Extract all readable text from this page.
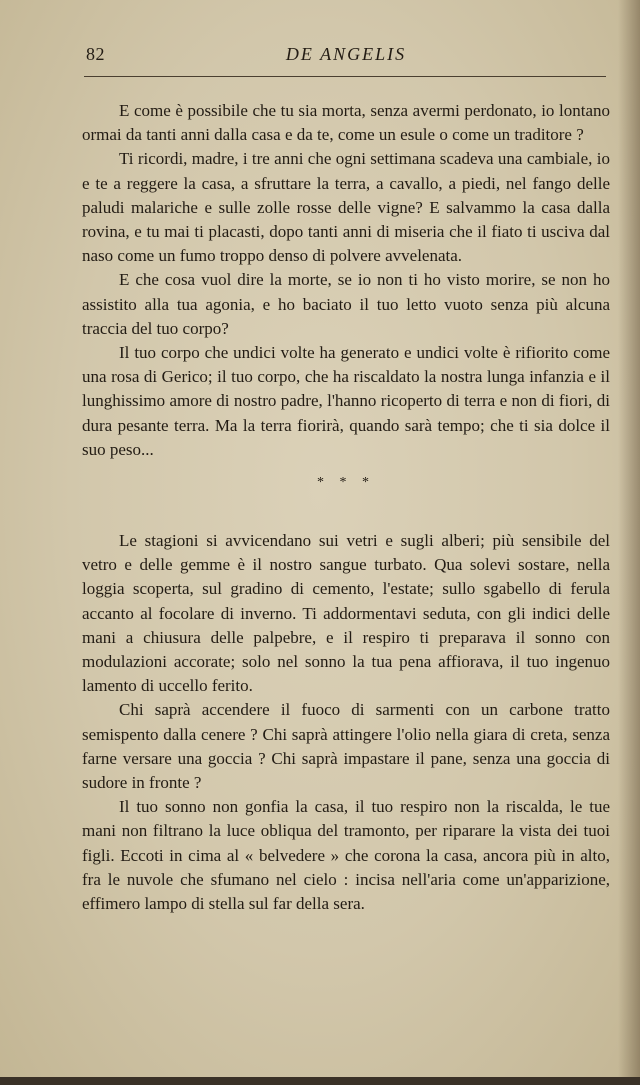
82	DE ANGELIS

E come è possibile che tu sia morta, senza avermi perdonato, io lontano ormai da tanti anni dalla casa e da te, come un esule o come un traditore ?

Ti ricordi, madre, i tre anni che ogni settimana scadeva una cambiale, io e te a reggere la casa, a sfruttare la terra, a cavallo, a piedi, nel fango delle paludi malariche e sulle zolle rosse delle vigne? E salvammo la casa dalla rovina, e tu mai ti placasti, dopo tanti anni di miseria che il fiato ti usciva dal naso come un fumo troppo denso di polvere avvelenata.

E che cosa vuol dire la morte, se io non ti ho visto morire, se non ho assistito alla tua agonia, e ho baciato il tuo letto vuoto senza più alcuna traccia del tuo corpo?

Il tuo corpo che undici volte ha generato e undici volte è rifiorito come una rosa di Gerico; il tuo corpo, che ha riscaldato la nostra lunga infanzia e il lunghissimo amore di nostro padre, l'hanno ricoperto di terra e non di fiori, di dura pesante terra. Ma la terra fiorirà, quando sarà tempo; che ti sia dolce il suo peso...

* * *

Le stagioni si avvicendano sui vetri e sugli alberi; più sensibile del vetro e delle gemme è il nostro sangue turbato. Qua solevi sostare, nella loggia scoperta, sul gradino di cemento, l'estate; sullo sgabello di ferula accanto al focolare di inverno. Ti addormentavi seduta, con gli indici delle mani a chiusura delle palpebre, e il respiro ti preparava il sonno con modulazioni accorate; solo nel sonno la tua pena affiorava, il tuo ingenuo lamento di uccello ferito.

Chi saprà accendere il fuoco di sarmenti con un carbone tratto semispento dalla cenere ? Chi saprà attingere l'olio nella giara di creta, senza farne versare una goccia ? Chi saprà impastare il pane, senza una goccia di sudore in fronte ?

Il tuo sonno non gonfia la casa, il tuo respiro non la riscalda, le tue mani non filtrano la luce obliqua del tramonto, per riparare la vista dei tuoi figli. Eccoti in cima al « belvedere » che corona la casa, ancora più in alto, fra le nuvole che sfumano nel cielo : incisa nell'aria come un'apparizione, effimero lampo di stella sul far della sera.
